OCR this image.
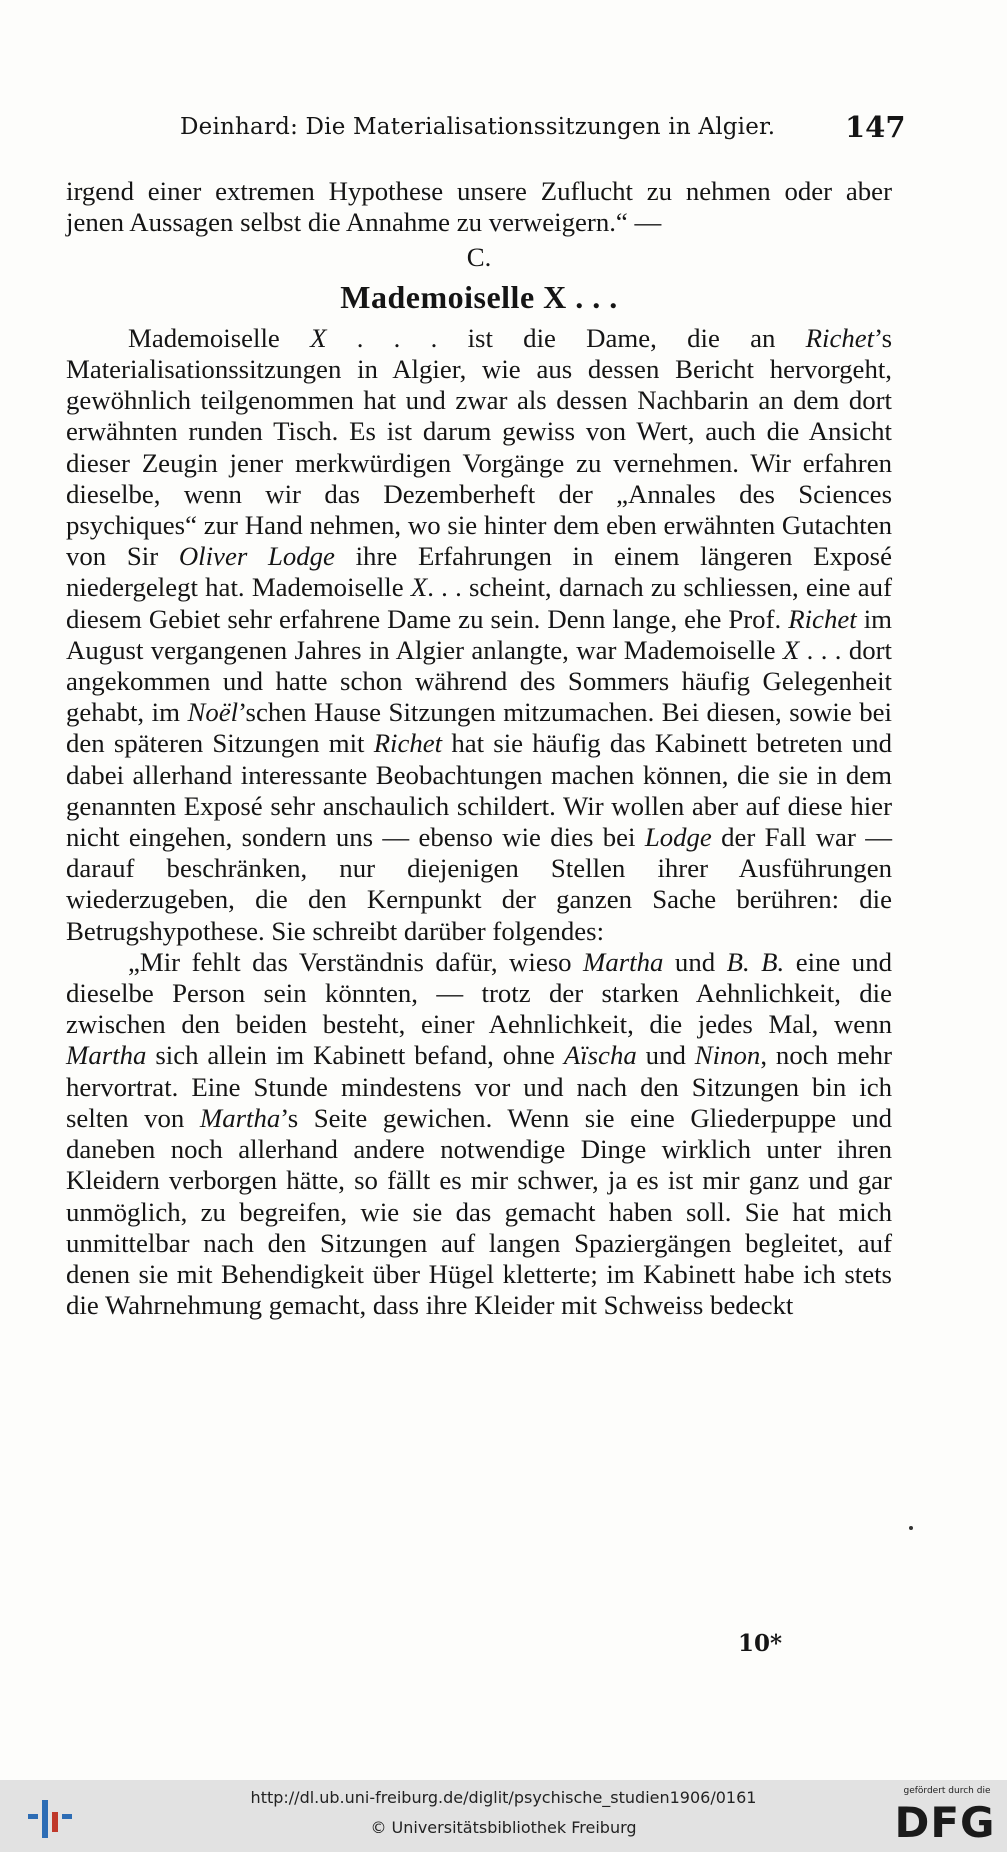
Deinhard: Die Materialisationssitzungen in Algier.	147

irgend einer extremen Hypothese unsere Zuflucht zu nehmen oder aber jenen Aussagen selbst die Annahme zu verweigern.“ —

C.

Mademoiselle X . . .

Mademoiselle X . . . ist die Dame, die an Richet’s Materialisationssitzungen in Algier, wie aus dessen Bericht hervorgeht, gewöhnlich teilgenommen hat und zwar als dessen Nachbarin an dem dort erwähnten runden Tisch. Es ist darum gewiss von Wert, auch die Ansicht dieser Zeugin jener merkwürdigen Vorgänge zu vernehmen. Wir erfahren dieselbe, wenn wir das Dezemberheft der „Annales des Sciences psychiques“ zur Hand nehmen, wo sie hinter dem eben erwähnten Gutachten von Sir Oliver Lodge ihre Erfahrungen in einem längeren Exposé niedergelegt hat. Mademoiselle X. . . scheint, darnach zu schliessen, eine auf diesem Gebiet sehr erfahrene Dame zu sein. Denn lange, ehe Prof. Richet im August vergangenen Jahres in Algier anlangte, war Mademoiselle X . . . dort angekommen und hatte schon während des Sommers häufig Gelegenheit gehabt, im Noël’schen Hause Sitzungen mitzumachen. Bei diesen, sowie bei den späteren Sitzungen mit Richet hat sie häufig das Kabinett betreten und dabei allerhand interessante Beobachtungen machen können, die sie in dem genannten Exposé sehr anschaulich schildert. Wir wollen aber auf diese hier nicht eingehen, sondern uns — ebenso wie dies bei Lodge der Fall war — darauf beschränken, nur diejenigen Stellen ihrer Ausführungen wiederzugeben, die den Kernpunkt der ganzen Sache berühren: die Betrugshypothese. Sie schreibt darüber folgendes:

„Mir fehlt das Verständnis dafür, wieso Martha und B. B. eine und dieselbe Person sein könnten, — trotz der starken Aehnlichkeit, die zwischen den beiden besteht, einer Aehnlichkeit, die jedes Mal, wenn Martha sich allein im Kabinett befand, ohne Aïscha und Ninon, noch mehr hervortrat. Eine Stunde mindestens vor und nach den Sitzungen bin ich selten von Martha’s Seite gewichen. Wenn sie eine Gliederpuppe und daneben noch allerhand andere notwendige Dinge wirklich unter ihren Kleidern verborgen hätte, so fällt es mir schwer, ja es ist mir ganz und gar unmöglich, zu begreifen, wie sie das gemacht haben soll. Sie hat mich unmittelbar nach den Sitzungen auf langen Spaziergängen begleitet, auf denen sie mit Behendigkeit über Hügel kletterte; im Kabinett habe ich stets die Wahrnehmung gemacht, dass ihre Kleider mit Schweiss bedeckt

10*
http://dl.ub.uni-freiburg.de/diglit/psychische_studien1906/0161
© Universitätsbibliothek Freiburg
gefördert durch die
DFG
